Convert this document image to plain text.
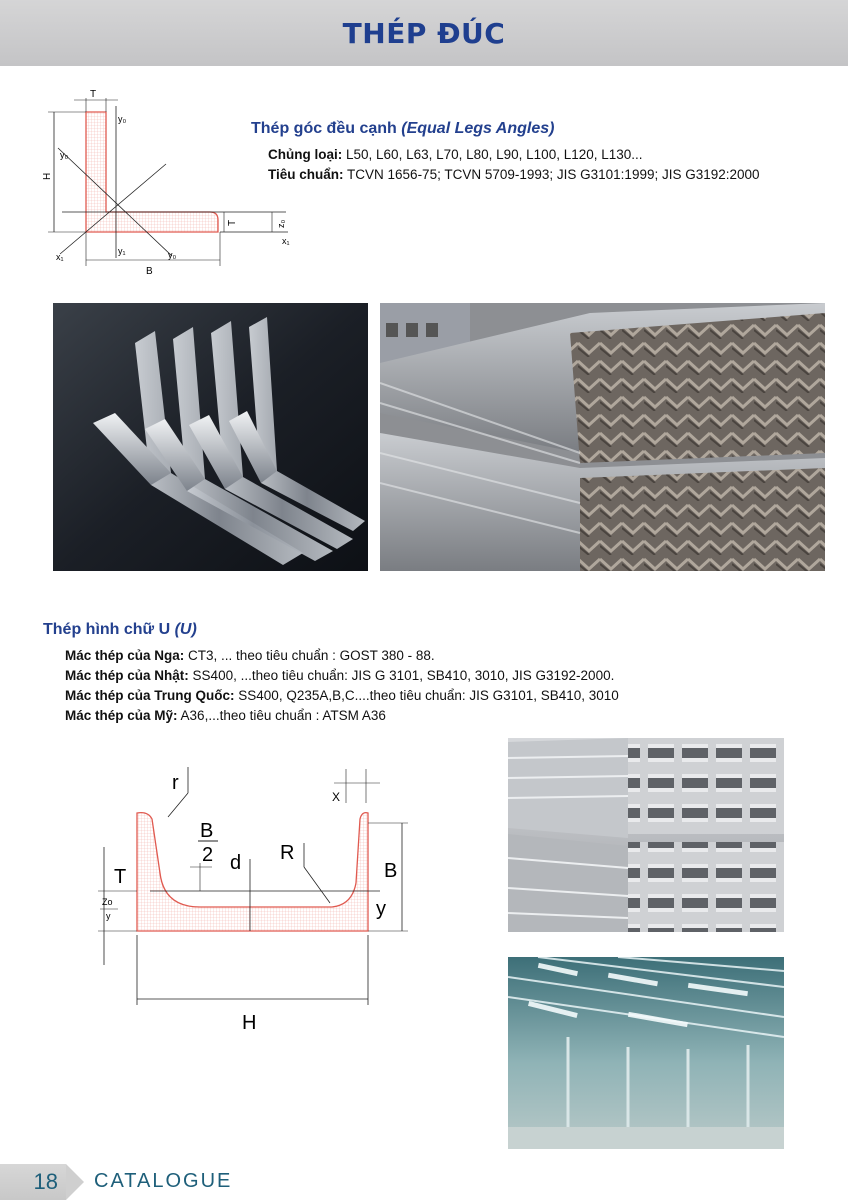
THÉP ĐÚC
T
y₀
y₀
H
x₁
y₁	y₀
B
T	z₀
x₁
Thép góc đều cạnh (Equal Legs Angles)
Chủng loại: L50, L60, L63, L70, L80, L90, L100, L120, L130...
Tiêu chuẩn: TCVN 1656-75; TCVN 5709-1993; JIS G3101:1999; JIS G3192:2000
Thép hình chữ U (U)
Mác thép của Nga: CT3, ... theo tiêu chuẩn : GOST 380 - 88.
Mác thép của Nhật: SS400, ...theo tiêu chuẩn: JIS G 3101, SB410, 3010, JIS G3192-2000.
Mác thép của Trung Quốc: SS400, Q235A,B,C....theo tiêu chuẩn: JIS G3101, SB410, 3010
Mác thép của Mỹ: A36,...theo tiêu chuẩn : ATSM A36
r
X
B
2 d R
T
Zo
y
B
y
H
18	CATALOGUE
